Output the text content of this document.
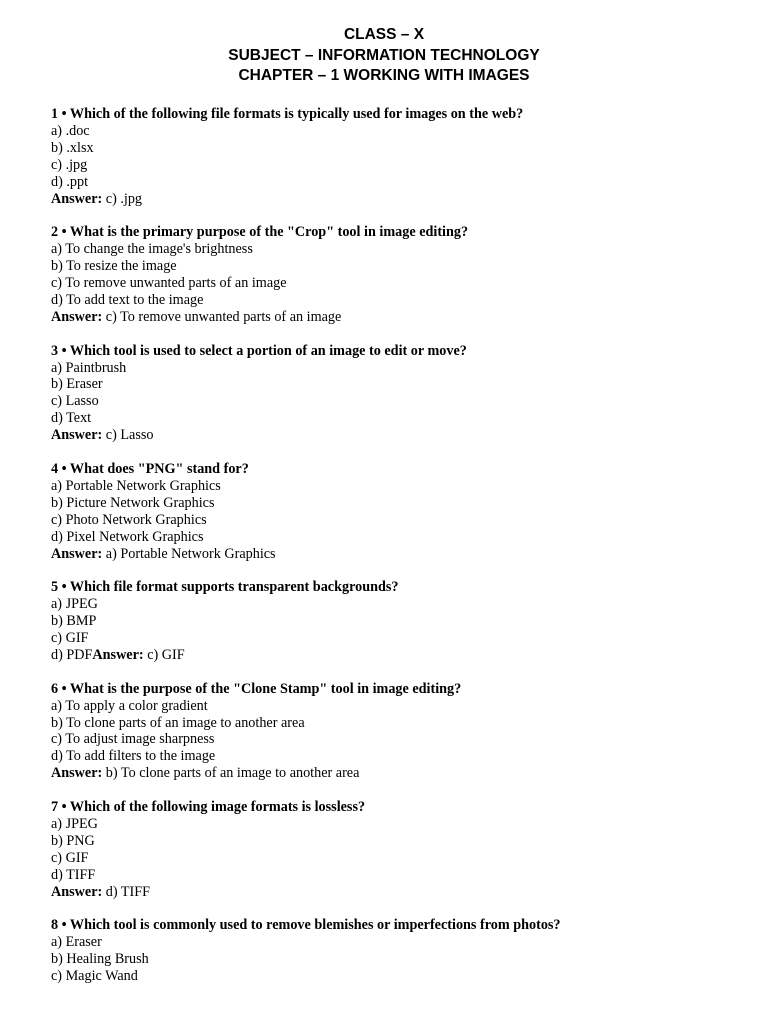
CLASS – X
SUBJECT – INFORMATION TECHNOLOGY
CHAPTER – 1 WORKING WITH IMAGES
1 • Which of the following file formats is typically used for images on the web?
a) .doc
b) .xlsx
c) .jpg
d) .ppt
Answer: c) .jpg
2 • What is the primary purpose of the "Crop" tool in image editing?
a) To change the image's brightness
b) To resize the image
c) To remove unwanted parts of an image
d) To add text to the image
Answer: c) To remove unwanted parts of an image
3 • Which tool is used to select a portion of an image to edit or move?
a) Paintbrush
b) Eraser
c) Lasso
d) Text
Answer: c) Lasso
4 • What does "PNG" stand for?
a) Portable Network Graphics
b) Picture Network Graphics
c) Photo Network Graphics
d) Pixel Network Graphics
Answer: a) Portable Network Graphics
5 • Which file format supports transparent backgrounds?
a) JPEG
b) BMP
c) GIF
d) PDFAnswer: c) GIF
6 • What is the purpose of the "Clone Stamp" tool in image editing?
a) To apply a color gradient
b) To clone parts of an image to another area
c) To adjust image sharpness
d) To add filters to the image
Answer: b) To clone parts of an image to another area
7 • Which of the following image formats is lossless?
a) JPEG
b) PNG
c) GIF
d) TIFF
Answer: d) TIFF
8 • Which tool is commonly used to remove blemishes or imperfections from photos?
a) Eraser
b) Healing Brush
c) Magic Wand
